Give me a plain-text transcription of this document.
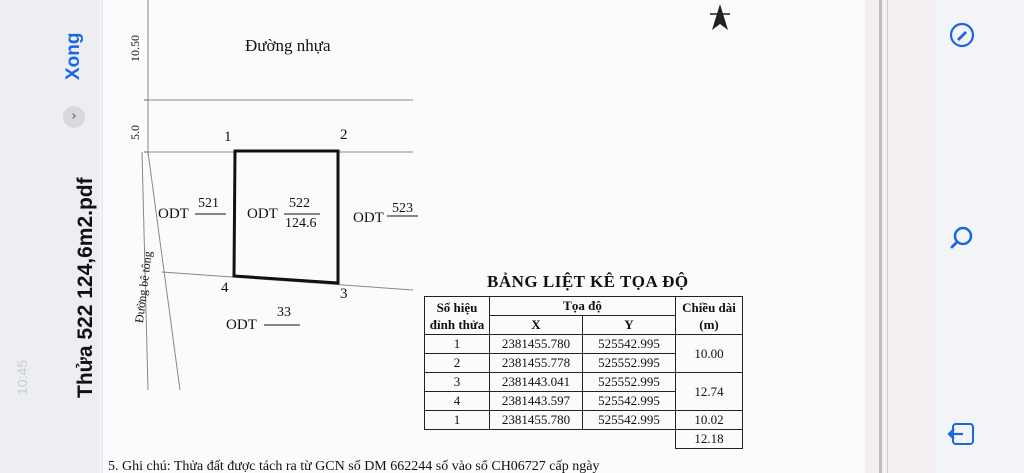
10:45 Thửa 522 124,6m2.pdf
›
Xong	10.50
5.0
Đường bê tông
Đường nhựa
1	2
3
4
ODT
521
ODT
522
124.6 ODT
523
ODT
33
BẢNG LIỆT KÊ TỌA ĐỘ
Số hiệu
đỉnh thửa	Tọa độ		Chiều dài
(m)
	X	Y	
1	2381455.780	525542.995	10.00
2	2381455.778	525552.995	
3	2381443.041	525552.995	12.74
4	2381443.597	525542.995	
1	2381455.780	525542.995	10.02
			12.18
5. Ghi chú: Thửa đất được tách ra từ GCN số DM 662244 số vào sổ CH06727 cấp ngày
